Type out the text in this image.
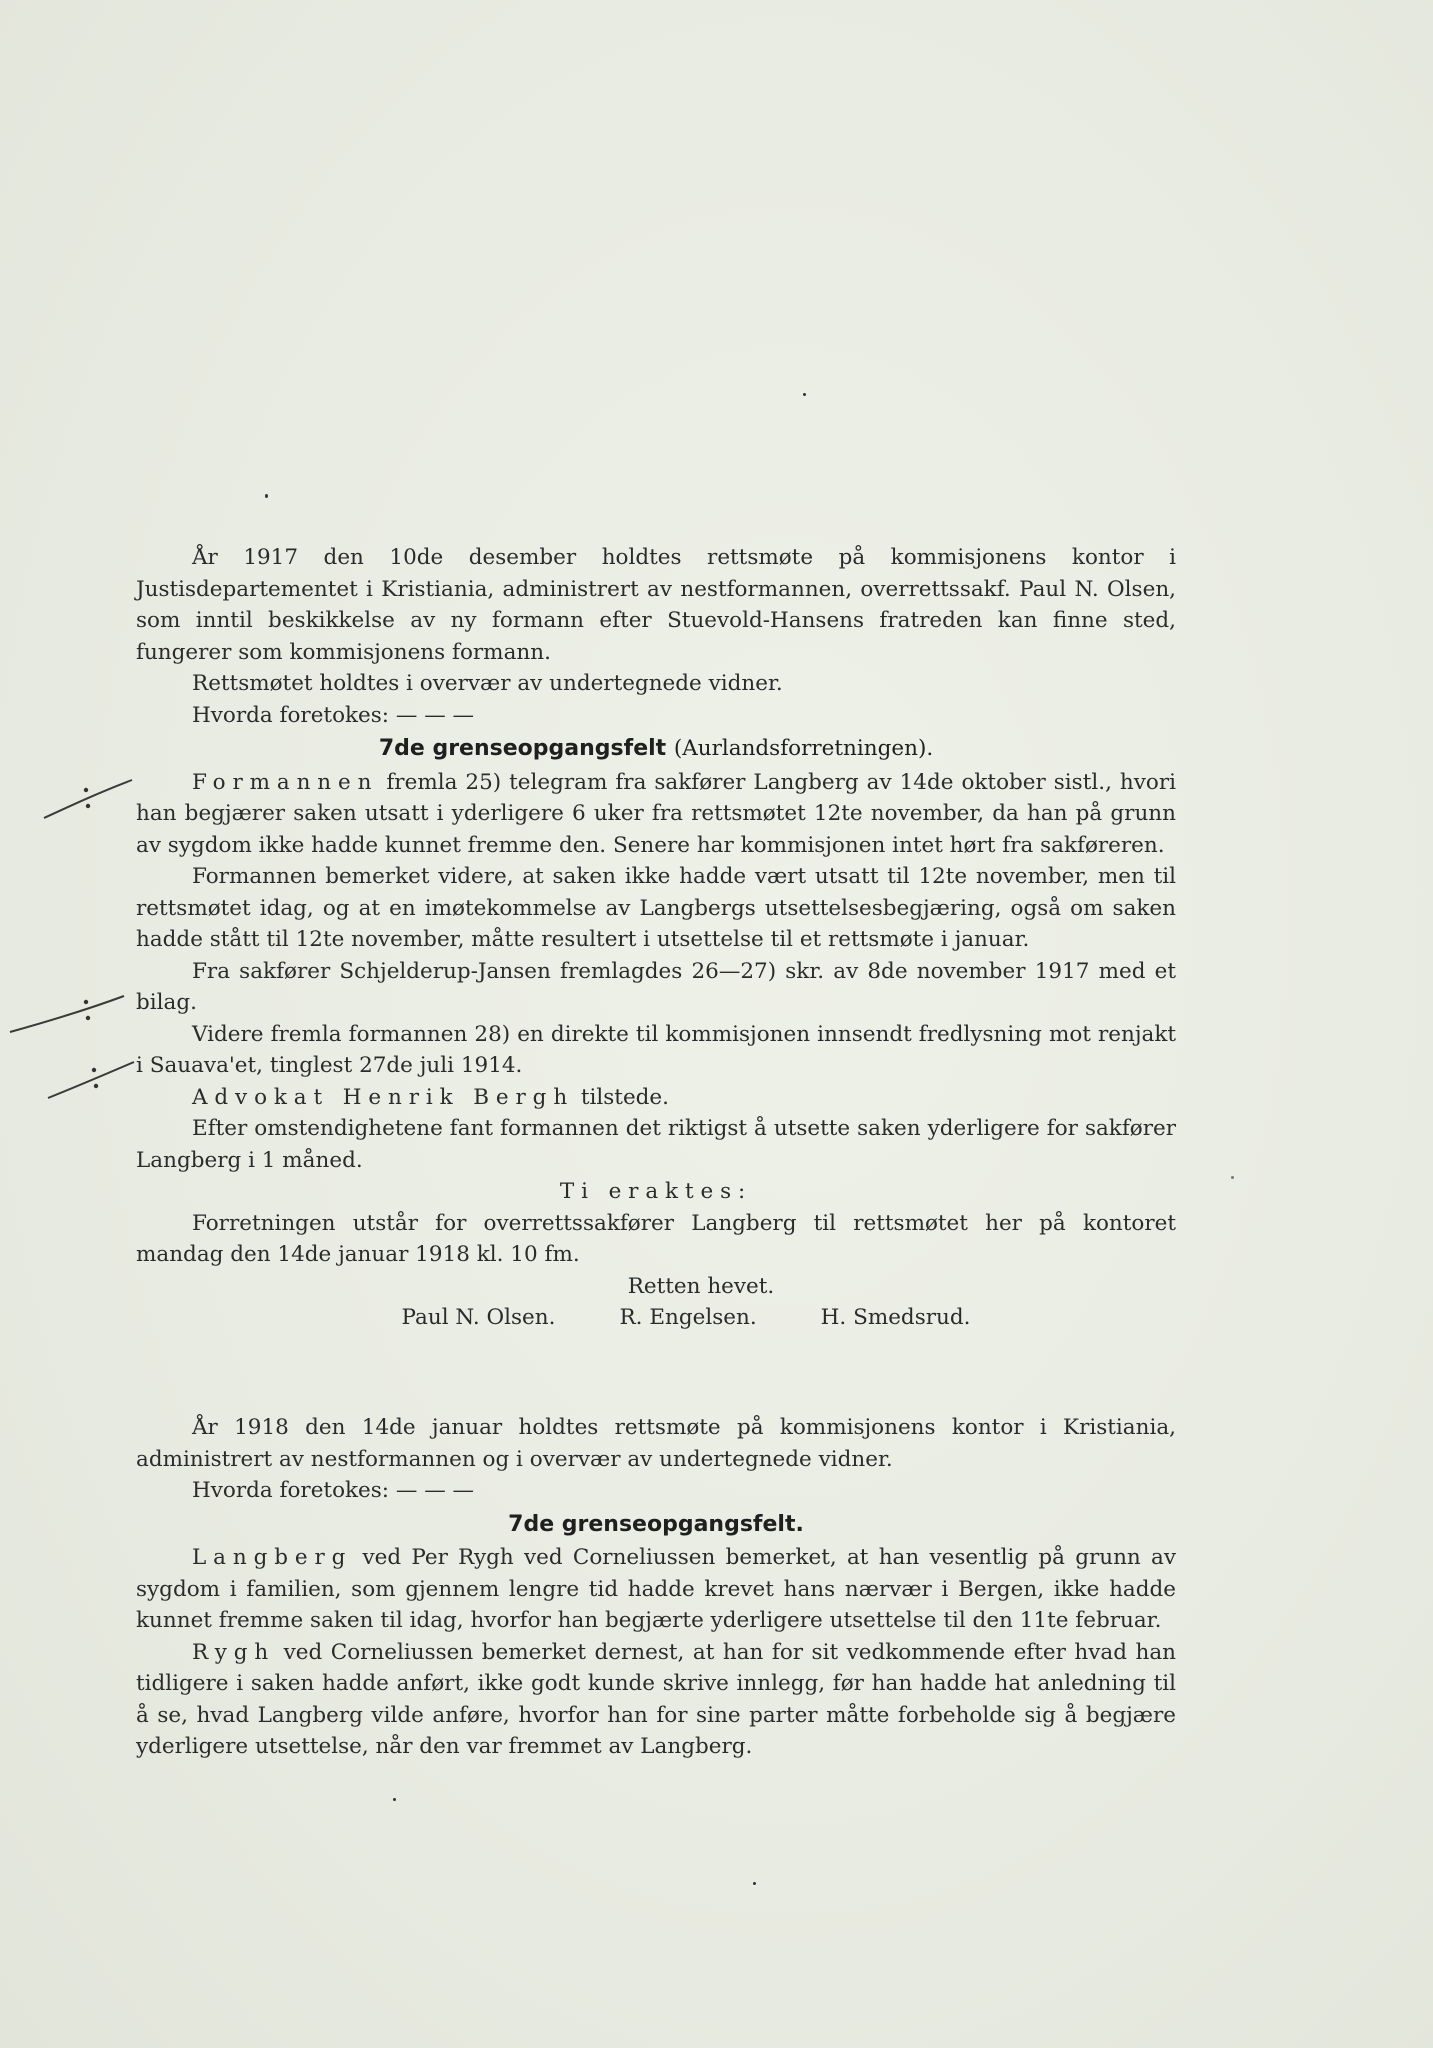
År 1917 den 10de desember holdtes rettsmøte på kommisjonens kontor i Justisdepartementet i Kristiania, administrert av nestformannen, overrettssakf. Paul N. Olsen, som inntil beskikkelse av ny formann efter Stuevold-Hansens fratreden kan finne sted, fungerer som kommisjonens formann.

Rettsmøtet holdtes i overvær av undertegnede vidner.

Hvorda foretokes: — — —

7de grenseopgangsfelt (Aurlandsforretningen).

Formannen fremla 25) telegram fra sakfører Langberg av 14de oktober sistl., hvori han begjærer saken utsatt i yderligere 6 uker fra rettsmøtet 12te november, da han på grunn av sygdom ikke hadde kunnet fremme den. Senere har kommisjonen intet hørt fra sakføreren.

Formannen bemerket videre, at saken ikke hadde vært utsatt til 12te november, men til rettsmøtet idag, og at en imøtekommelse av Langbergs utsettelsesbegjæring, også om saken hadde stått til 12te november, måtte resultert i utsettelse til et rettsmøte i januar.

Fra sakfører Schjelderup-Jansen fremlagdes 26—27) skr. av 8de november 1917 med et bilag.

Videre fremla formannen 28) en direkte til kommisjonen innsendt fredlysning mot renjakt i Sauava'et, tinglest 27de juli 1914.

Advokat Henrik Bergh tilstede.

Efter omstendighetene fant formannen det riktigst å utsette saken yderligere for sakfører Langberg i 1 måned.

Ti eraktes:

Forretningen utstår for overrettssakfører Langberg til rettsmøtet her på kontoret mandag den 14de januar 1918 kl. 10 fm.

Retten hevet.

Paul N. Olsen.	R. Engelsen.	H. Smedsrud.

År 1918 den 14de januar holdtes rettsmøte på kommisjonens kontor i Kristiania, administrert av nestformannen og i overvær av undertegnede vidner.

Hvorda foretokes: — — —

7de grenseopgangsfelt.

Langberg ved Per Rygh ved Corneliussen bemerket, at han vesentlig på grunn av sygdom i familien, som gjennem lengre tid hadde krevet hans nærvær i Bergen, ikke hadde kunnet fremme saken til idag, hvorfor han begjærte yderligere utsettelse til den 11te februar.

Rygh ved Corneliussen bemerket dernest, at han for sit vedkommende efter hvad han tidligere i saken hadde anført, ikke godt kunde skrive innlegg, før han hadde hat anledning til å se, hvad Langberg vilde anføre, hvorfor han for sine parter måtte forbeholde sig å begjære yderligere utsettelse, når den var fremmet av Langberg.
